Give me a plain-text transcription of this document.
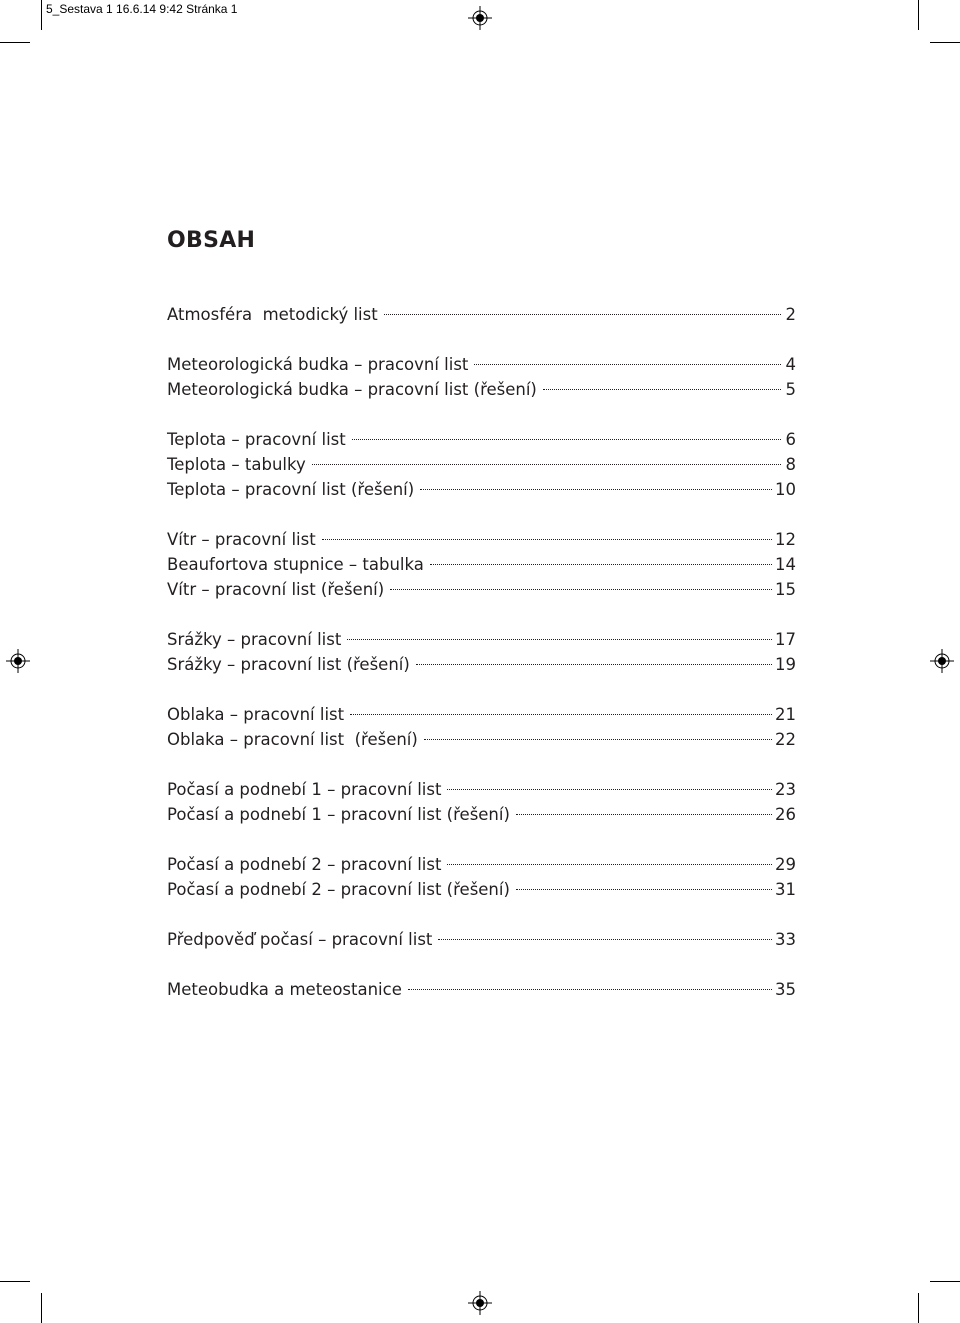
5_Sestava 1 16.6.14 9:42 Stránka 1
OBSAH
Atmosféra  metodický list	2
Meteorologická budka – pracovní list	4
Meteorologická budka – pracovní list (řešení)	5
Teplota – pracovní list	6
Teplota – tabulky	8
Teplota – pracovní list (řešení)	10
Vítr – pracovní list	12
Beaufortova stupnice – tabulka	14
Vítr – pracovní list (řešení)	15
Srážky – pracovní list	17
Srážky – pracovní list (řešení)	19
Oblaka – pracovní list	21
Oblaka – pracovní list  (řešení)	22
Počasí a podnebí 1 – pracovní list	23
Počasí a podnebí 1 – pracovní list (řešení)	26
Počasí a podnebí 2 – pracovní list	29
Počasí a podnebí 2 – pracovní list (řešení)	31
Předpověď počasí – pracovní list	33
Meteobudka a meteostanice	35
